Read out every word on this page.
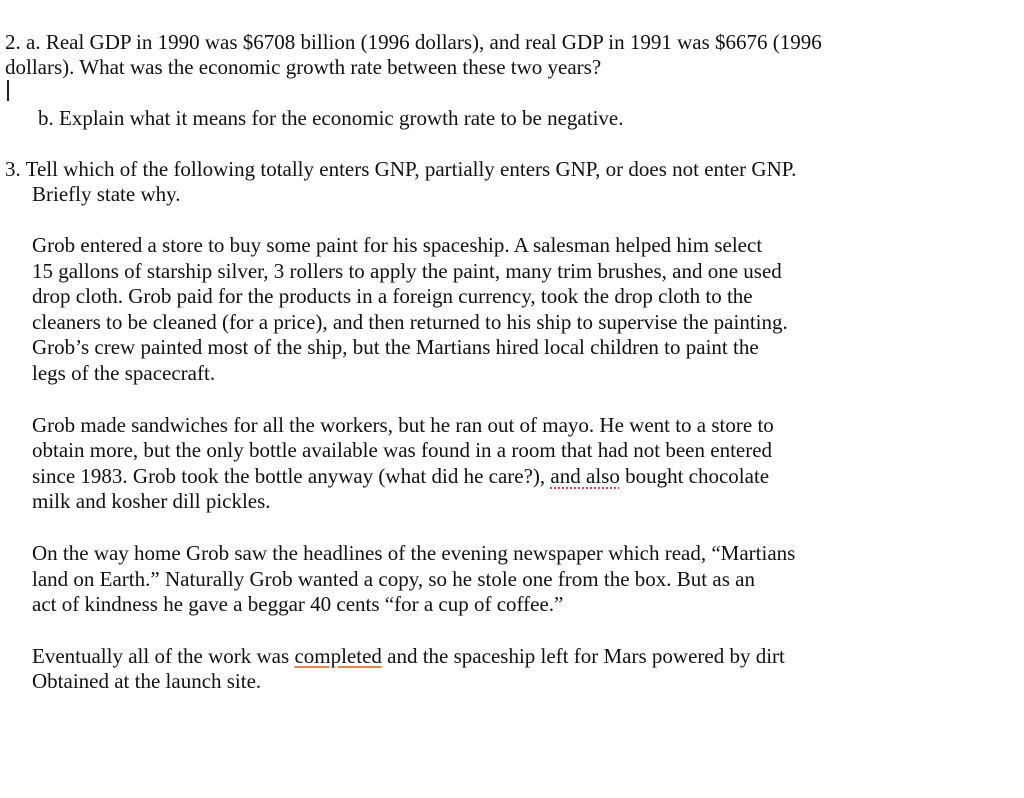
2. a. Real GDP in 1990 was $6708 billion (1996 dollars), and real GDP in 1991 was $6676 (1996

dollars). What was the economic growth rate between these two years?

b. Explain what it means for the economic growth rate to be negative.

3. Tell which of the following totally enters GNP, partially enters GNP, or does not enter GNP.

Briefly state why.

Grob entered a store to buy some paint for his spaceship. A salesman helped him select

15 gallons of starship silver, 3 rollers to apply the paint, many trim brushes, and one used

drop cloth. Grob paid for the products in a foreign currency, took the drop cloth to the

cleaners to be cleaned (for a price), and then returned to his ship to supervise the painting.

Grob’s crew painted most of the ship, but the Martians hired local children to paint the

legs of the spacecraft.

Grob made sandwiches for all the workers, but he ran out of mayo. He went to a store to

obtain more, but the only bottle available was found in a room that had not been entered

since 1983. Grob took the bottle anyway (what did he care?), and also bought chocolate

milk and kosher dill pickles.

On the way home Grob saw the headlines of the evening newspaper which read, “Martians

land on Earth.” Naturally Grob wanted a copy, so he stole one from the box. But as an

act of kindness he gave a beggar 40 cents “for a cup of coffee.”

Eventually all of the work was completed and the spaceship left for Mars powered by dirt

Obtained at the launch site.
